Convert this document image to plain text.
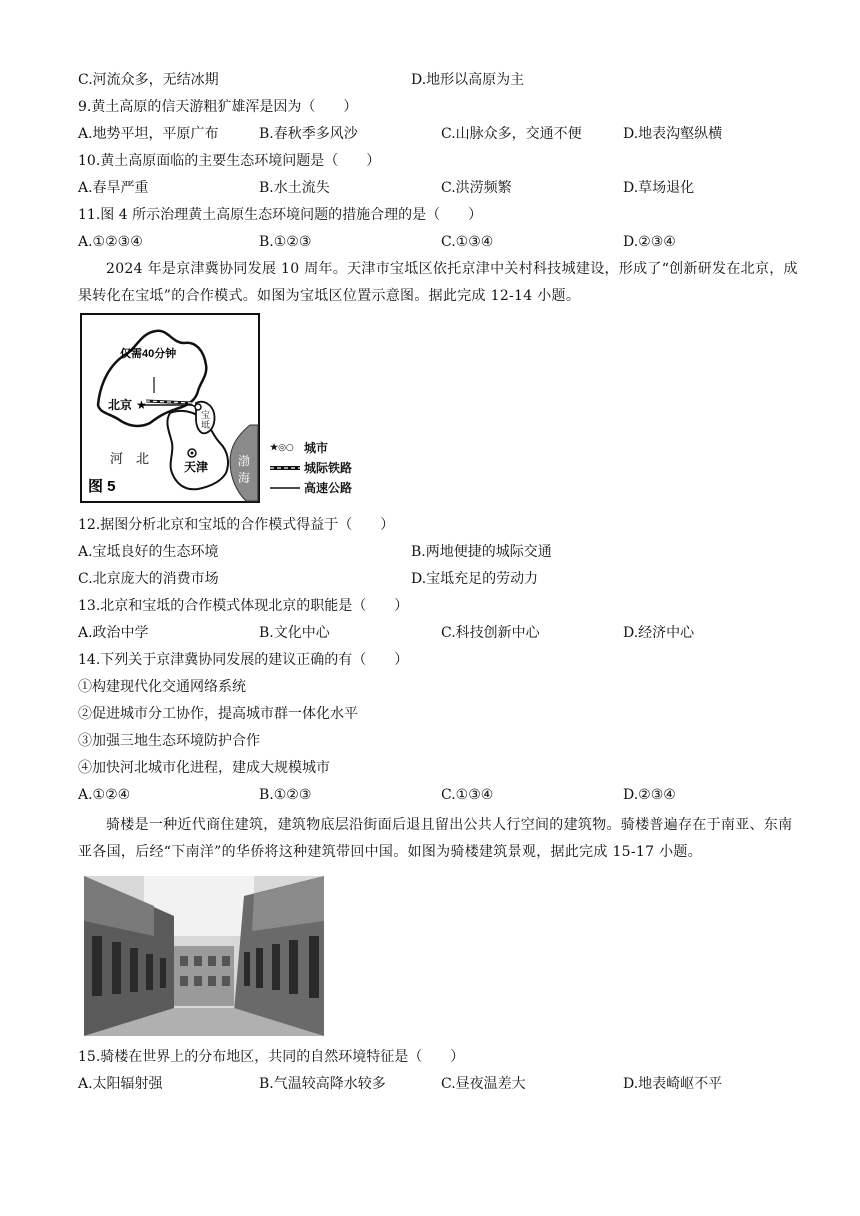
C.河流众多，无结冰期	D.地形以高原为主
9.黄土高原的信天游粗犷雄浑是因为（　　）
A.地势平坦，平原广布	B.春秋季多风沙	C.山脉众多，交通不便	D.地表沟壑纵横
10.黄土高原面临的主要生态环境问题是（　　）
A.春旱严重	B.水土流失	C.洪涝频繁	D.草场退化
11.图 4 所示治理黄土高原生态环境问题的措施合理的是（　　）
A.①②③④	B.①②③	C.①③④	D.②③④
2024 年是京津冀协同发展 10 周年。天津市宝坻区依托京津中关村科技城建设，形成了“创新研发在北京，成果转化在宝坻”的合作模式。如图为宝坻区位置示意图。据此完成 12-14 小题。
★
仅需40分钟
北京
河　北
天津
图 5
宝坻
渤海
★◎○ 城市
城际铁路
高速公路
12.据图分析北京和宝坻的合作模式得益于（　　）
A.宝坻良好的生态环境	B.两地便捷的城际交通
C.北京庞大的消费市场	D.宝坻充足的劳动力
13.北京和宝坻的合作模式体现北京的职能是（　　）
A.政治中学	B.文化中心	C.科技创新中心	D.经济中心
14.下列关于京津冀协同发展的建议正确的有（　　）
①构建现代化交通网络系统
②促进城市分工协作，提高城市群一体化水平
③加强三地生态环境防护合作
④加快河北城市化进程，建成大规模城市
A.①②④	B.①②③	C.①③④	D.②③④
骑楼是一种近代商住建筑，建筑物底层沿街面后退且留出公共人行空间的建筑物。骑楼普遍存在于南亚、东南亚各国，后经“下南洋”的华侨将这种建筑带回中国。如图为骑楼建筑景观，据此完成 15-17 小题。
15.骑楼在世界上的分布地区，共同的自然环境特征是（　　）
A.太阳辐射强	B.气温较高降水较多	C.昼夜温差大	D.地表崎岖不平
